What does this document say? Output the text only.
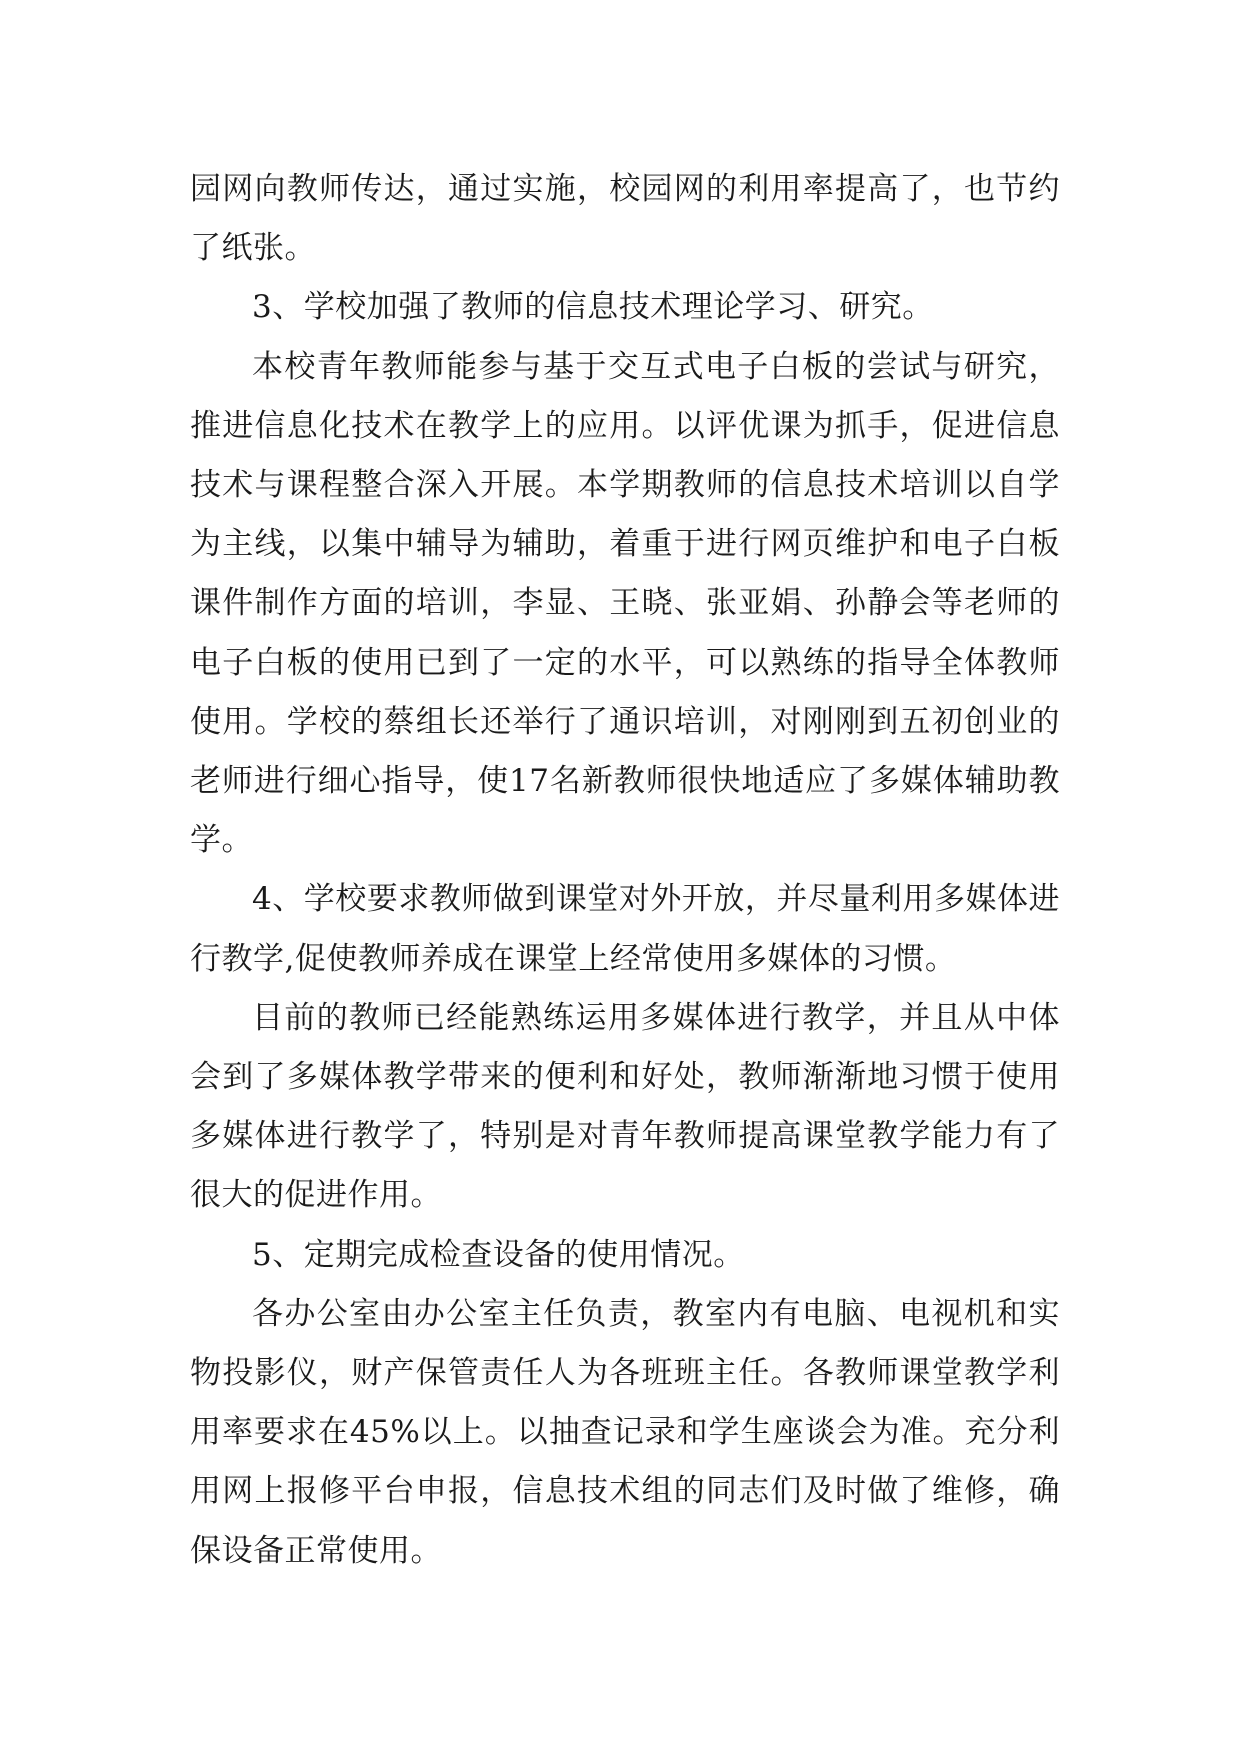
园网向教师传达，通过实施，校园网的利用率提高了，也节约了纸张。

3、学校加强了教师的信息技术理论学习、研究。

本校青年教师能参与基于交互式电子白板的尝试与研究，推进信息化技术在教学上的应用。以评优课为抓手，促进信息技术与课程整合深入开展。本学期教师的信息技术培训以自学为主线，以集中辅导为辅助，着重于进行网页维护和电子白板课件制作方面的培训，李显、王晓、张亚娟、孙静会等老师的电子白板的使用已到了一定的水平，可以熟练的指导全体教师使用。学校的蔡组长还举行了通识培训，对刚刚到五初创业的老师进行细心指导，使17名新教师很快地适应了多媒体辅助教学。

4、学校要求教师做到课堂对外开放，并尽量利用多媒体进行教学,促使教师养成在课堂上经常使用多媒体的习惯。

目前的教师已经能熟练运用多媒体进行教学，并且从中体会到了多媒体教学带来的便利和好处，教师渐渐地习惯于使用多媒体进行教学了，特别是对青年教师提高课堂教学能力有了很大的促进作用。

5、定期完成检查设备的使用情况。

各办公室由办公室主任负责，教室内有电脑、电视机和实物投影仪，财产保管责任人为各班班主任。各教师课堂教学利用率要求在45%以上。以抽查记录和学生座谈会为准。充分利用网上报修平台申报，信息技术组的同志们及时做了维修，确保设备正常使用。
